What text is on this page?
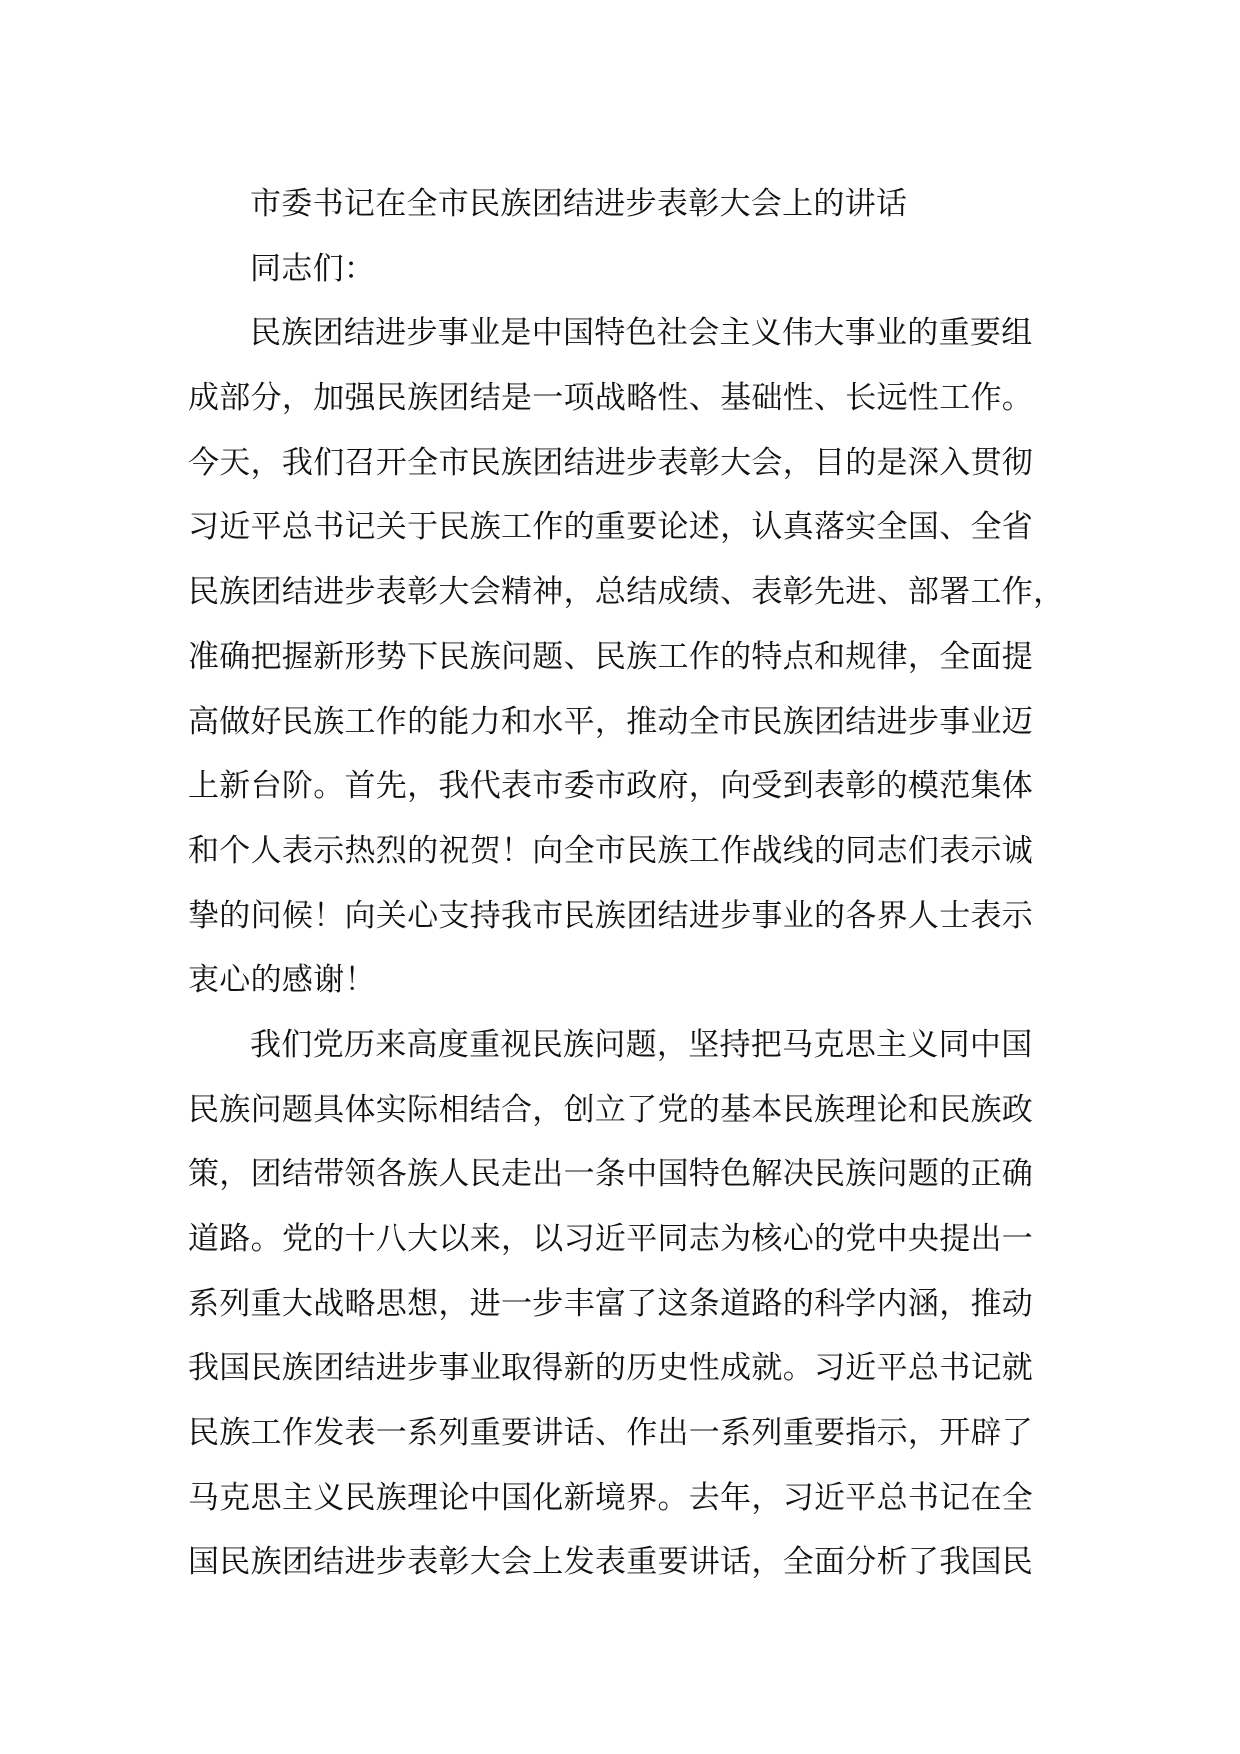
市委书记在全市民族团结进步表彰大会上的讲话
同志们：
民族团结进步事业是中国特色社会主义伟大事业的重要组
成部分，加强民族团结是一项战略性、基础性、长远性工作。
今天，我们召开全市民族团结进步表彰大会，目的是深入贯彻
习近平总书记关于民族工作的重要论述，认真落实全国、全省
民族团结进步表彰大会精神，总结成绩、表彰先进、部署工作，
准确把握新形势下民族问题、民族工作的特点和规律，全面提
高做好民族工作的能力和水平，推动全市民族团结进步事业迈
上新台阶。首先，我代表市委市政府，向受到表彰的模范集体
和个人表示热烈的祝贺！向全市民族工作战线的同志们表示诚
挚的问候！向关心支持我市民族团结进步事业的各界人士表示
衷心的感谢！
我们党历来高度重视民族问题，坚持把马克思主义同中国
民族问题具体实际相结合，创立了党的基本民族理论和民族政
策，团结带领各族人民走出一条中国特色解决民族问题的正确
道路。党的十八大以来，以习近平同志为核心的党中央提出一
系列重大战略思想，进一步丰富了这条道路的科学内涵，推动
我国民族团结进步事业取得新的历史性成就。习近平总书记就
民族工作发表一系列重要讲话、作出一系列重要指示，开辟了
马克思主义民族理论中国化新境界。去年，习近平总书记在全
国民族团结进步表彰大会上发表重要讲话，全面分析了我国民
